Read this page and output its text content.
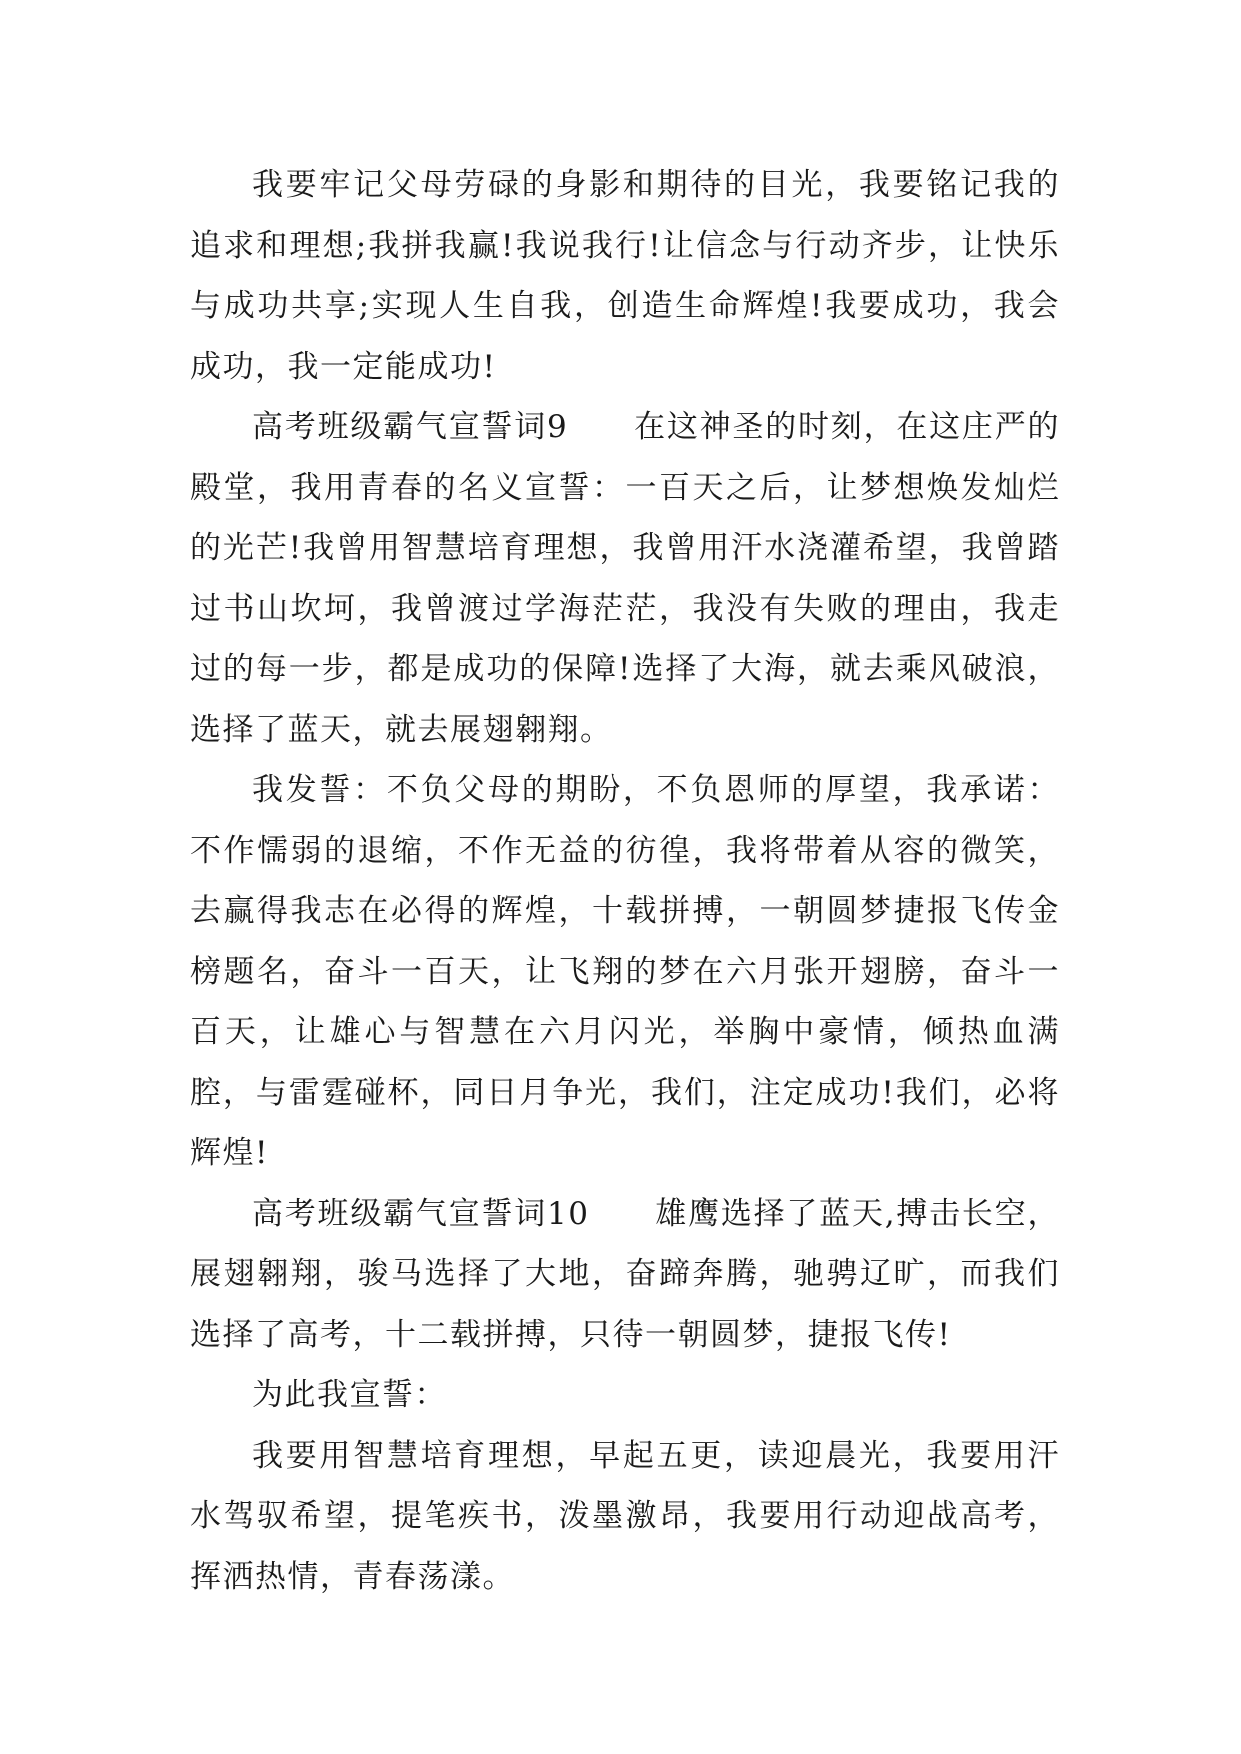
我要牢记父母劳碌的身影和期待的目光，我要铭记我的追求和理想;我拼我赢!我说我行!让信念与行动齐步，让快乐与成功共享;实现人生自我，创造生命辉煌!我要成功，我会成功，我一定能成功!

高考班级霸气宣誓词9　　在这神圣的时刻，在这庄严的殿堂，我用青春的名义宣誓：一百天之后，让梦想焕发灿烂的光芒!我曾用智慧培育理想，我曾用汗水浇灌希望，我曾踏过书山坎坷，我曾渡过学海茫茫，我没有失败的理由，我走过的每一步，都是成功的保障!选择了大海，就去乘风破浪，选择了蓝天，就去展翅翱翔。

我发誓：不负父母的期盼，不负恩师的厚望，我承诺：不作懦弱的退缩，不作无益的彷徨，我将带着从容的微笑，去赢得我志在必得的辉煌，十载拼搏，一朝圆梦捷报飞传金榜题名，奋斗一百天，让飞翔的梦在六月张开翅膀，奋斗一百天，让雄心与智慧在六月闪光，举胸中豪情，倾热血满腔，与雷霆碰杯，同日月争光，我们，注定成功!我们，必将辉煌!

高考班级霸气宣誓词10　　雄鹰选择了蓝天,搏击长空，展翅翱翔，骏马选择了大地，奋蹄奔腾，驰骋辽旷，而我们选择了高考，十二载拼搏，只待一朝圆梦，捷报飞传!

为此我宣誓：

我要用智慧培育理想，早起五更，读迎晨光，我要用汗水驾驭希望，提笔疾书，泼墨激昂，我要用行动迎战高考，挥洒热情，青春荡漾。
